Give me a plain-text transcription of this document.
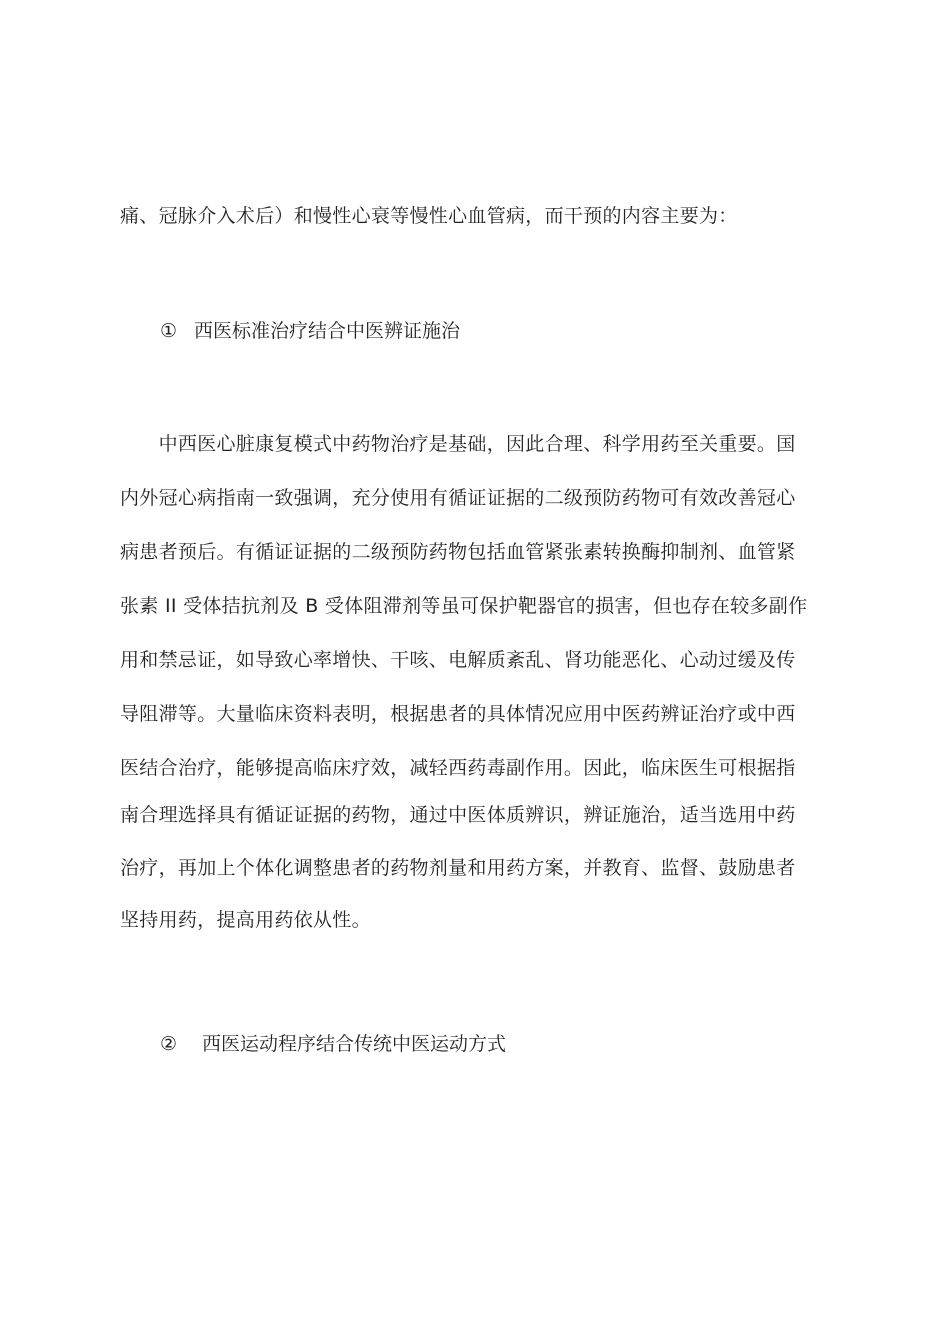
痛、冠脉介入术后）和慢性心衰等慢性心血管病，而干预的内容主要为：
① 西医标准治疗结合中医辨证施治
　　中西医心脏康复模式中药物治疗是基础，因此合理、科学用药至关重要。国
内外冠心病指南一致强调，充分使用有循证证据的二级预防药物可有效改善冠心
病患者预后。有循证证据的二级预防药物包括血管紧张素转换酶抑制剂、血管紧
张素 II 受体拮抗剂及 B 受体阻滞剂等虽可保护靶器官的损害，但也存在较多副作
用和禁忌证，如导致心率增快、干咳、电解质紊乱、肾功能恶化、心动过缓及传
导阻滞等。大量临床资料表明，根据患者的具体情况应用中医药辨证治疗或中西
医结合治疗，能够提高临床疗效，减轻西药毒副作用。因此，临床医生可根据指
南合理选择具有循证证据的药物，通过中医体质辨识，辨证施治，适当选用中药
治疗，再加上个体化调整患者的药物剂量和用药方案，并教育、监督、鼓励患者
坚持用药，提高用药依从性。
② 西医运动程序结合传统中医运动方式
